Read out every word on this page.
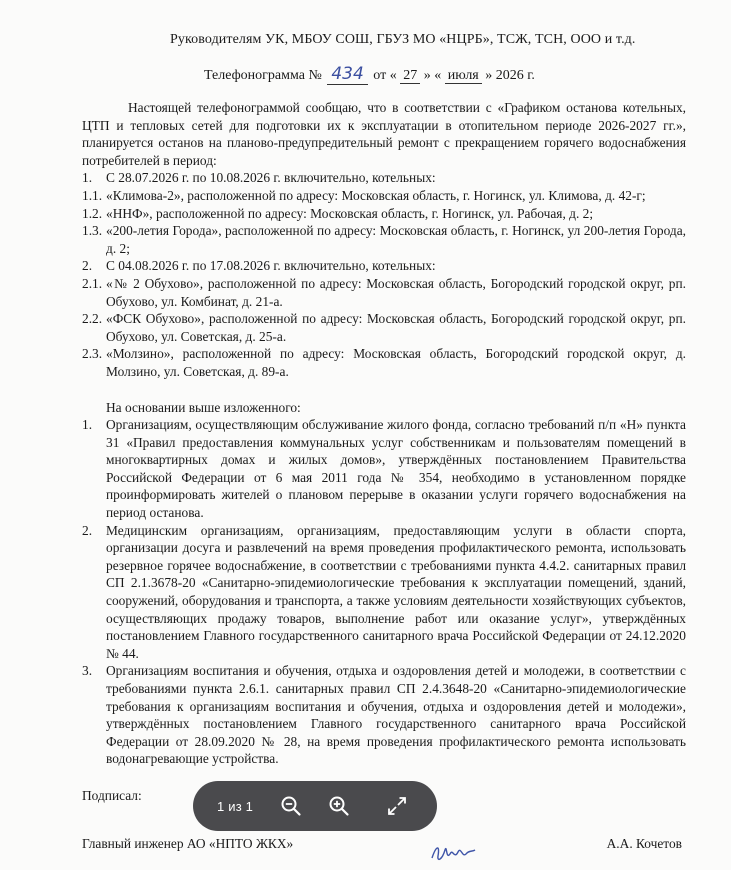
Руководителям УК, МБОУ СОШ, ГБУЗ МО «НЦРБ», ТСЖ, ТСН, ООО и т.д.
Телефонограмма № 434 от « 27 » « июля » 2026 г.

Настоящей телефонограммой сообщаю, что в соответствии с «Графиком останова котельных, ЦТП и тепловых сетей для подготовки их к эксплуатации в отопительном периоде 2026-2027 гг.», планируется останов на планово-предупредительный ремонт с прекращением горячего водоснабжения потребителей в период:

1. С 28.07.2026 г. по 10.08.2026 г. включительно, котельных:
1.1. «Климова-2», расположенной по адресу: Московская область, г. Ногинск, ул. Климова, д. 42-г;
1.2. «ННФ», расположенной по адресу: Московская область, г. Ногинск, ул. Рабочая, д. 2;
1.3. «200-летия Города», расположенной по адресу: Московская область, г. Ногинск, ул 200-летия Города, д. 2;
2. С 04.08.2026 г. по 17.08.2026 г. включительно, котельных:
2.1. «№ 2 Обухово», расположенной по адресу: Московская область, Богородский городской округ, рп. Обухово, ул. Комбинат, д. 21-а.
2.2. «ФСК Обухово», расположенной по адресу: Московская область, Богородский городской округ, рп. Обухово, ул. Советская, д. 25-а.
2.3. «Молзино», расположенной по адресу: Московская область, Богородский городской округ, д. Молзино, ул. Советская, д. 89-а.

На основании выше изложенного:

1. Организациям, осуществляющим обслуживание жилого фонда, согласно требований п/п «Н» пункта 31 «Правил предоставления коммунальных услуг собственникам и пользователям помещений в многоквартирных домах и жилых домов», утверждённых постановлением Правительства Российской Федерации от 6 мая 2011 года № 354, необходимо в установленном порядке проинформировать жителей о плановом перерыве в оказании услуги горячего водоснабжения на период останова.
2. Медицинским организациям, организациям, предоставляющим услуги в области спорта, организации досуга и развлечений на время проведения профилактического ремонта, использовать резервное горячее водоснабжение, в соответствии с требованиями пункта 4.4.2. санитарных правил СП 2.1.3678-20 «Санитарно-эпидемиологические требования к эксплуатации помещений, зданий, сооружений, оборудования и транспорта, а также условиям деятельности хозяйствующих субъектов, осуществляющих продажу товаров, выполнение работ или оказание услуг», утверждённых постановлением Главного государственного санитарного врача Российской Федерации от 24.12.2020 № 44.
3. Организациям воспитания и обучения, отдыха и оздоровления детей и молодежи, в соответствии с требованиями пункта 2.6.1. санитарных правил СП 2.4.3648-20 «Санитарно-эпидемиологические требования к организациям воспитания и обучения, отдыха и оздоровления детей и молодежи», утверждённых постановлением Главного государственного санитарного врача Российской Федерации от 28.09.2020 № 28, на время проведения профилактического ремонта использовать водонагревающие устройства.
Подписал:
Главный инженер АО «НПТО ЖКХ»	А.А. Кочетов
1 из 1
